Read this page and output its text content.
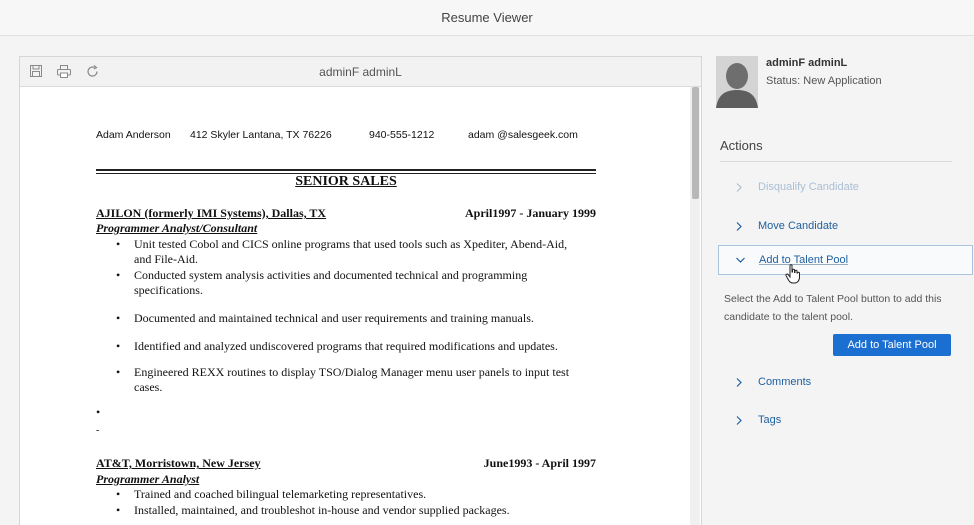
Resume Viewer
adminF adminL
Adam Anderson 412 Skyler Lantana, TX 76226	940-555-1212	adam @salesgeek.com
SENIOR SALES
AJILON (formerly IMI Systems), Dallas, TX	April1997 - January 1999
Programmer Analyst/Consultant
• Unit tested Cobol and CICS online programs that used tools such as Xpediter, Abend-Aid, and File-Aid.
• Conducted system analysis activities and documented technical and programming specifications.
• Documented and maintained technical and user requirements and training manuals.
• Identified and analyzed undiscovered programs that required modifications and updates.
• Engineered REXX routines to display TSO/Dialog Manager menu user panels to input test cases.
•
-
AT&T, Morristown, New Jersey	June1993 - April 1997
Programmer Analyst
• Trained and coached bilingual telemarketing representatives.
• Installed, maintained, and troubleshot in-house and vendor supplied packages.
adminF adminL
Status: New Application
Actions
Disqualify Candidate
Move Candidate
Add to Talent Pool
Select the Add to Talent Pool button to add this candidate to the talent pool.
Add to Talent Pool
Comments
Tags
